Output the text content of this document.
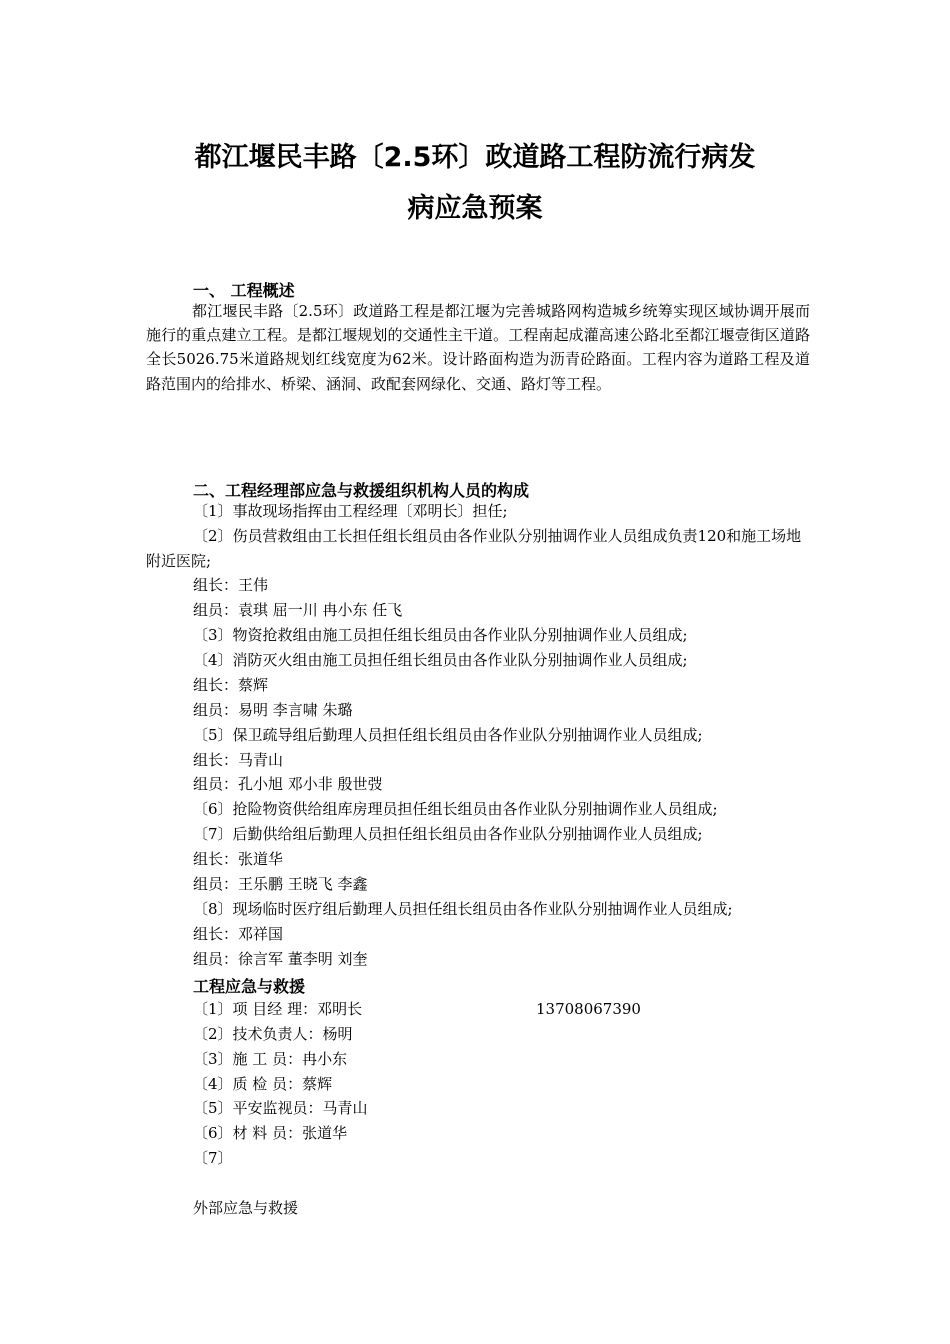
都江堰民丰路〔2.5环〕政道路工程防流行病发
病应急预案
一、 工程概述
都江堰民丰路〔2.5环〕政道路工程是都江堰为完善城路网构造城乡统筹实现区域协调开展而施行的重点建立工程。是都江堰规划的交通性主干道。工程南起成灌高速公路北至都江堰壹街区道路全长5026.75米道路规划红线宽度为62米。设计路面构造为沥青砼路面。工程内容为道路工程及道路范围内的给排水、桥梁、涵洞、政配套网绿化、交通、路灯等工程。
二、工程经理部应急与救援组织机构人员的构成
〔1〕事故现场指挥由工程经理〔邓明长〕担任;
〔2〕伤员营救组由工长担任组长组员由各作业队分别抽调作业人员组成负责120和施工场地附近医院;
组长：王伟
组员：袁琪 屈一川 冉小东 任飞
〔3〕物资抢救组由施工员担任组长组员由各作业队分别抽调作业人员组成;
〔4〕消防灭火组由施工员担任组长组员由各作业队分别抽调作业人员组成;
组长：蔡辉
组员：易明 李言啸 朱璐
〔5〕保卫疏导组后勤理人员担任组长组员由各作业队分别抽调作业人员组成;
组长：马青山
组员：孔小旭 邓小非 殷世弢
〔6〕抢险物资供给组库房理员担任组长组员由各作业队分别抽调作业人员组成;
〔7〕后勤供给组后勤理人员担任组长组员由各作业队分别抽调作业人员组成;
组长：张道华
组员：王乐鹏 王晓飞 李鑫
〔8〕现场临时医疗组后勤理人员担任组长组员由各作业队分别抽调作业人员组成;
组长：邓祥国
组员：徐言军 董李明 刘奎
工程应急与救援
〔1〕项 目经 理：邓明长	13708067390
〔2〕技术负责人：杨明
〔3〕施 工 员：冉小东
〔4〕质 检 员：蔡辉
〔5〕平安监视员：马青山
〔6〕材 料 员：张道华
〔7〕
外部应急与救援
